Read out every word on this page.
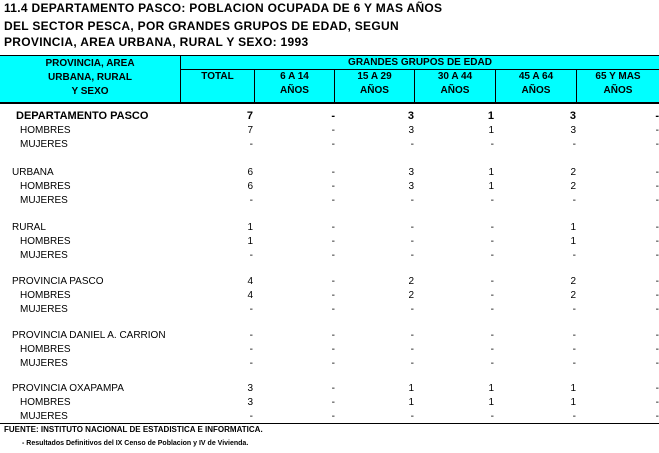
11.4 DEPARTAMENTO PASCO: POBLACION OCUPADA DE 6 Y MAS AÑOS
DEL SECTOR PESCA, POR GRANDES GRUPOS DE EDAD, SEGUN
PROVINCIA, AREA URBANA, RURAL Y SEXO: 1993
PROVINCIA, AREA
URBANA, RURAL
Y SEXO
GRANDES GRUPOS DE EDAD
TOTAL	6 A 14
AÑOS
15 A 29
AÑOS
30 A 44
AÑOS
45 A 64
AÑOS
65 Y MAS
AÑOS
DEPARTAMENTO PASCO	7	-	3	1	3	-
HOMBRES	7	-	3	1	3	-
MUJERES	-	-	-	-	-	-
URBANA	6	-	3	1	2	-
HOMBRES	6	-	3	1	2	-
MUJERES	-	-	-	-	-	-
RURAL	1	-	-	-	1	-
HOMBRES	1	-	-	-	1	-
MUJERES	-	-	-	-	-	-
PROVINCIA PASCO	4	-	2	-	2	-
HOMBRES	4	-	2	-	2	-
MUJERES	-	-	-	-	-	-
PROVINCIA DANIEL A. CARRION	-	-	-	-	-	-
HOMBRES	-	-	-	-	-	-
MUJERES	-	-	-	-	-	-
PROVINCIA OXAPAMPA	3	-	1	1	1	-
HOMBRES	3	-	1	1	1	-
MUJERES	-	-	-	-	-	-
FUENTE: INSTITUTO NACIONAL DE ESTADISTICA E INFORMATICA.
- Resultados Definitivos del IX Censo de Poblacion y IV de Vivienda.
